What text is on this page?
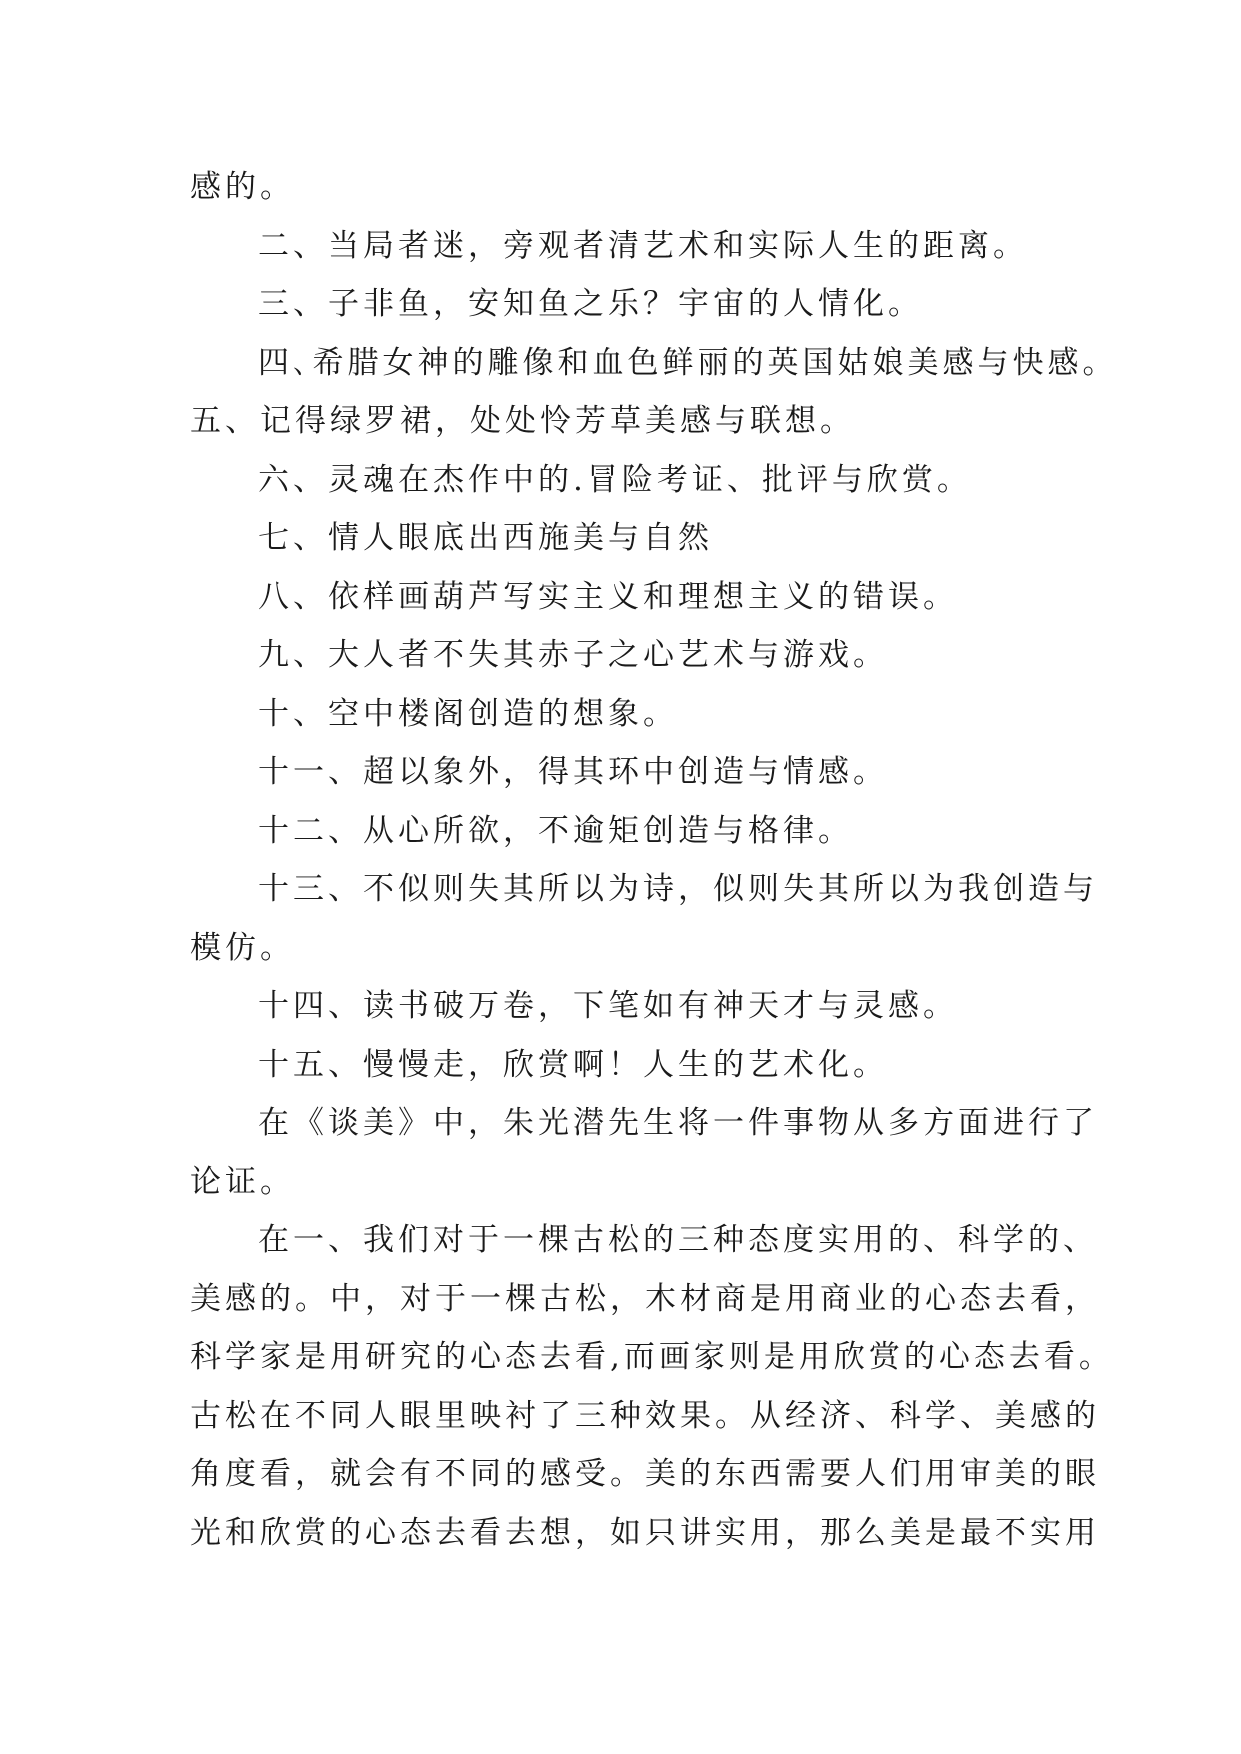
感的。
二、当局者迷，旁观者清艺术和实际人生的距离。
三、子非鱼，安知鱼之乐？宇宙的人情化。
四､希腊女神的雕像和血色鲜丽的英国姑娘美感与快感。
五、记得绿罗裙，处处怜芳草美感与联想。
六、灵魂在杰作中的.冒险考证、批评与欣赏。
七、情人眼底出西施美与自然
八、依样画葫芦写实主义和理想主义的错误。
九、大人者不失其赤子之心艺术与游戏。
十、空中楼阁创造的想象。
十一、超以象外，得其环中创造与情感。
十二、从心所欲，不逾矩创造与格律。
十三、不似则失其所以为诗，似则失其所以为我创造与
模仿。
十四、读书破万卷，下笔如有神天才与灵感。
十五、慢慢走，欣赏啊！人生的艺术化。
在《谈美》中，朱光潜先生将一件事物从多方面进行了
论证。
在一、我们对于一棵古松的三种态度实用的、科学的、
美感的。中，对于一棵古松，木材商是用商业的心态去看，
科学家是用研究的心态去看,而画家则是用欣赏的心态去看。
古松在不同人眼里映衬了三种效果。从经济、科学、美感的
角度看，就会有不同的感受。美的东西需要人们用审美的眼
光和欣赏的心态去看去想，如只讲实用，那么美是最不实用
